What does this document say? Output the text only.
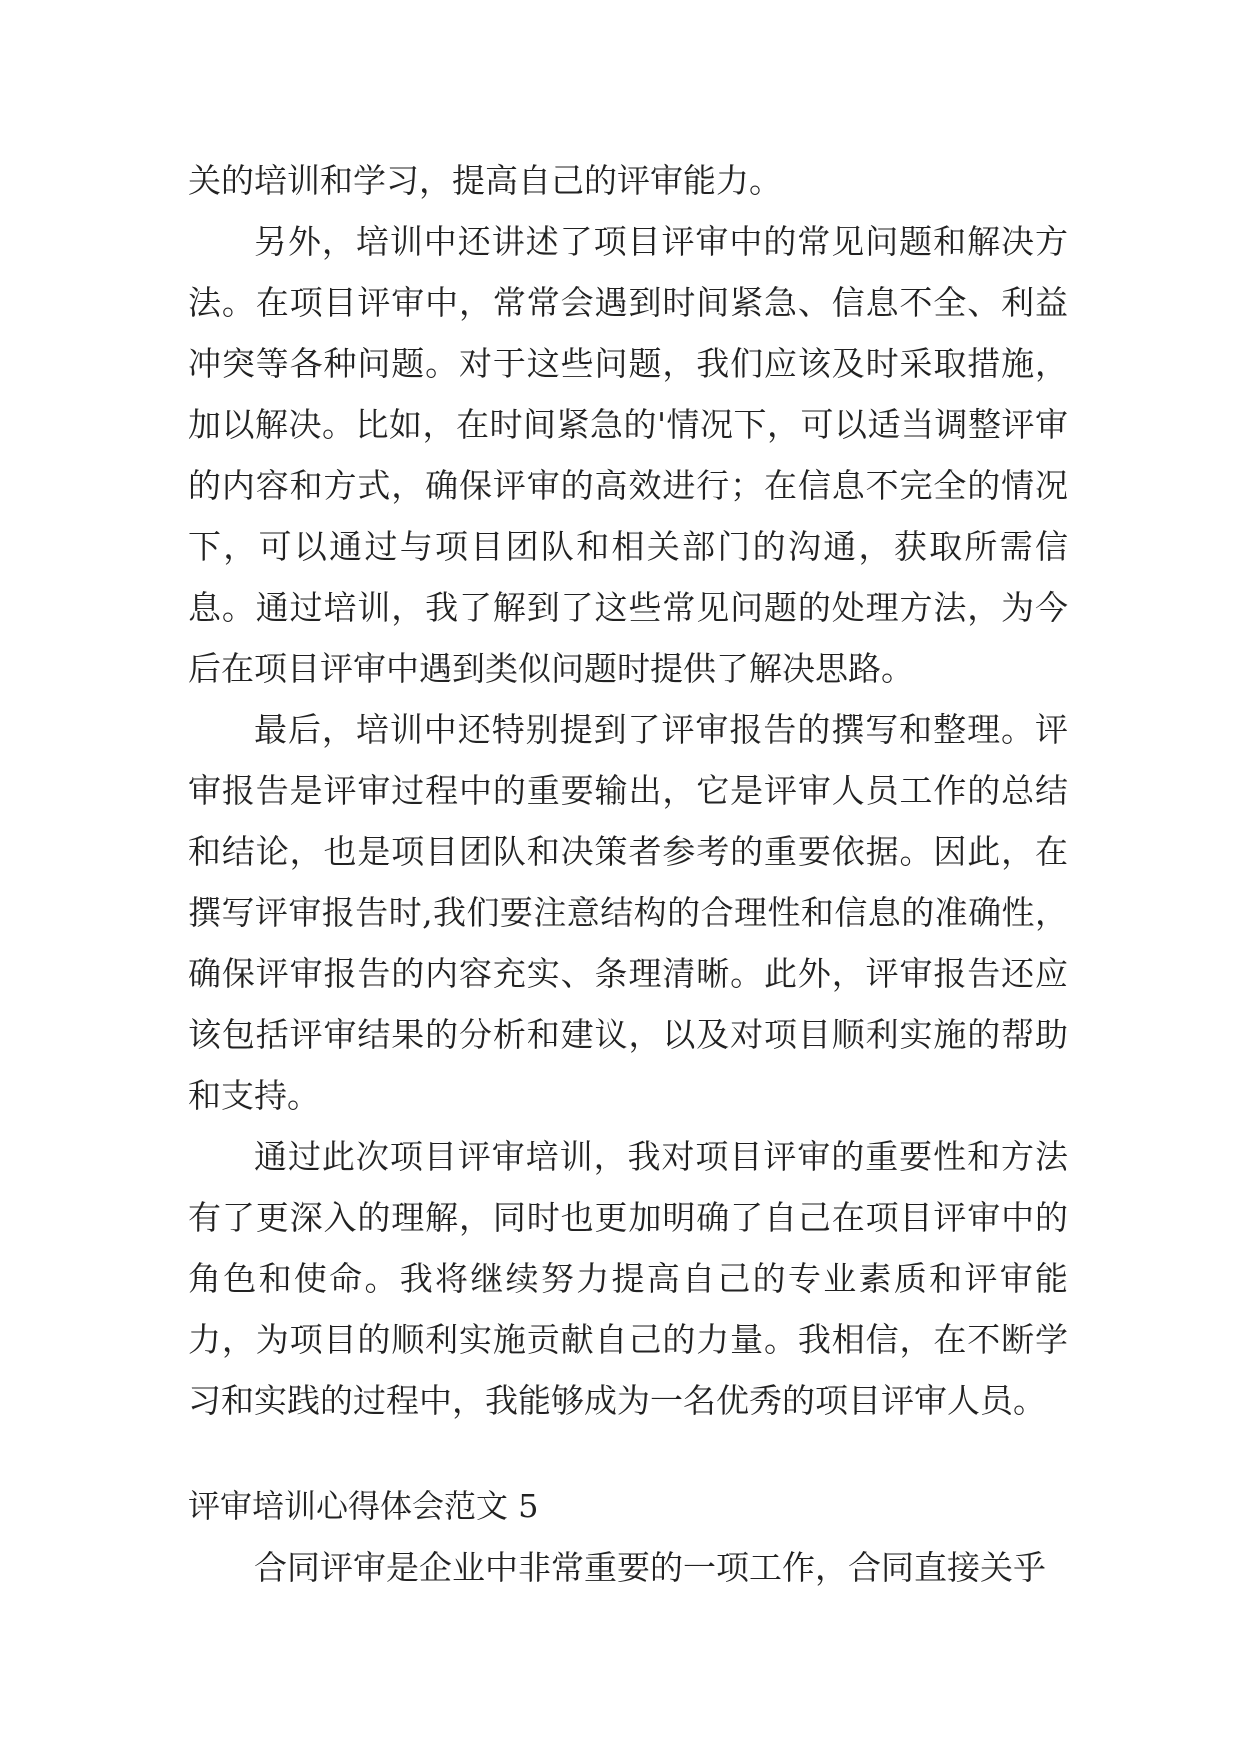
关的培训和学习，提高自己的评审能力。

另外，培训中还讲述了项目评审中的常见问题和解决方法。在项目评审中，常常会遇到时间紧急、信息不全、利益冲突等各种问题。对于这些问题，我们应该及时采取措施，加以解决。比如，在时间紧急的'情况下，可以适当调整评审的内容和方式，确保评审的高效进行；在信息不完全的情况下，可以通过与项目团队和相关部门的沟通，获取所需信息。通过培训，我了解到了这些常见问题的处理方法，为今后在项目评审中遇到类似问题时提供了解决思路。

最后，培训中还特别提到了评审报告的撰写和整理。评审报告是评审过程中的重要输出，它是评审人员工作的总结和结论，也是项目团队和决策者参考的重要依据。因此，在撰写评审报告时,我们要注意结构的合理性和信息的准确性，确保评审报告的内容充实、条理清晰。此外，评审报告还应该包括评审结果的分析和建议，以及对项目顺利实施的帮助和支持。

通过此次项目评审培训，我对项目评审的重要性和方法有了更深入的理解，同时也更加明确了自己在项目评审中的角色和使命。我将继续努力提高自己的专业素质和评审能力，为项目的顺利实施贡献自己的力量。我相信，在不断学习和实践的过程中，我能够成为一名优秀的项目评审人员。

评审培训心得体会范文 5

合同评审是企业中非常重要的一项工作，合同直接关乎
